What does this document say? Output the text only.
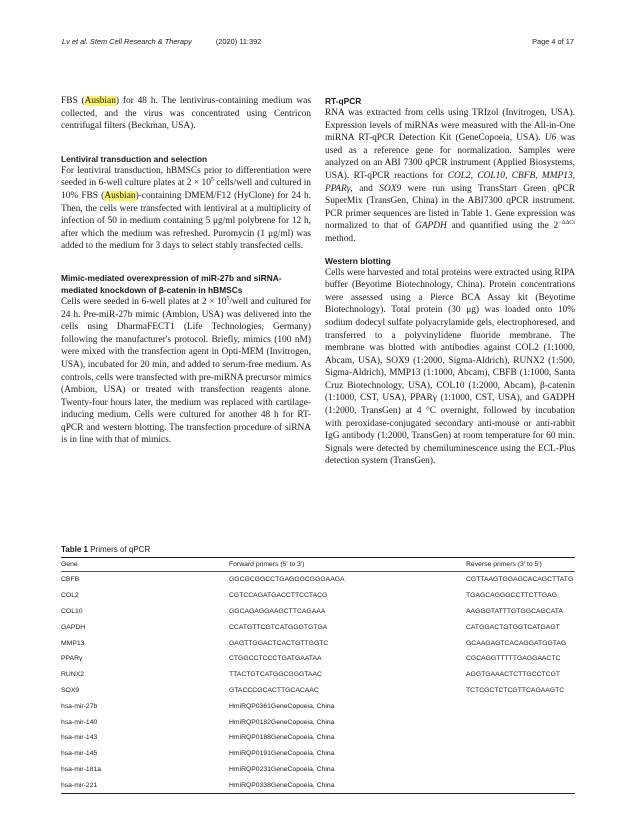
Lv et al. Stem Cell Research & Therapy	(2020) 11:392	Page 4 of 17

FBS (Ausbian) for 48 h. The lentivirus-containing medium was collected, and the virus was concentrated using Centricon centrifugal filters (Beckman, USA).

Lentiviral transduction and selection

For lentiviral transduction, hBMSCs prior to differentiation were seeded in 6-well culture plates at $2 \times 10^5$ cells/well and cultured in 10% FBS (Ausbian)-containing DMEM/F12 (HyClone) for 24 h. Then, the cells were transfected with lentiviral at a multiplicity of infection of 50 in medium containing 5 μg/ml polybrene for 12 h, after which the medium was refreshed. Puromycin (1 μg/ml) was added to the medium for 3 days to select stably transfected cells.

Mimic-mediated overexpression of miR-27b and siRNA-mediated knockdown of β-catenin in hBMSCs

Cells were seeded in 6-well plates at $2 \times 10^5$/well and cultured for 24 h. Pre-miR-27b mimic (Ambion, USA) was delivered into the cells using DharmaFECT1 (Life Technologies, Germany) following the manufacturer's protocol. Briefly, mimics (100 nM) were mixed with the transfection agent in Opti-MEM (Invitrogen, USA), incubated for 20 min, and added to serum-free medium. As controls, cells were transfected with pre-miRNA precursor mimics (Ambion, USA) or treated with transfection reagents alone. Twenty-four hours later, the medium was replaced with cartilage-inducing medium. Cells were cultured for another 48 h for RT-qPCR and western blotting. The transfection procedure of siRNA is in line with that of mimics.

RT-qPCR

RNA was extracted from cells using TRIzol (Invitrogen, USA). Expression levels of miRNAs were measured with the All-in-One miRNA RT-qPCR Detection Kit (GeneCopoeia, USA). U6 was used as a reference gene for normalization. Samples were analyzed on an ABI 7300 qPCR instrument (Applied Biosystems, USA). RT-qPCR reactions for COL2, COL10, CBFB, MMP13, PPARγ, and SOX9 were run using TransStart Green qPCR SuperMix (TransGen, China) in the ABI7300 qPCR instrument. PCR primer sequences are listed in Table 1. Gene expression was normalized to that of GAPDH and quantified using the $2^{-\Delta\Delta Ct}$ method.

Western blotting

Cells were harvested and total proteins were extracted using RIPA buffer (Beyotime Biotechnology, China). Protein concentrations were assessed using a Pierce BCA Assay kit (Beyotime Biotechnology). Total protein (30 μg) was loaded onto 10% sodium dodecyl sulfate polyacrylamide gels, electrophoresed, and transferred to a polyvinylidene fluoride membrane. The membrane was blotted with antibodies against COL2 (1:1000, Abcam, USA), SOX9 (1:2000, Sigma-Aldrich), RUNX2 (1:500, Sigma-Aldrich), MMP13 (1:1000, Abcam), CBFB (1:1000, Santa Cruz Biotechnology, USA), COL10 (1:2000, Abcam), β-catenin (1:1000, CST, USA), PPARγ (1:1000, CST, USA), and GADPH (1:2000, TransGen) at 4 °C overnight, followed by incubation with peroxidase-conjugated secondary anti-mouse or anti-rabbit IgG antibody (1:2000, TransGen) at room temperature for 60 min. Signals were detected by chemiluminescence using the ECL-Plus detection system (TransGen).

Table 1 Primers of qPCR
Gene	Forward primers (5′ to 3′)	Reverse primers (3′ to 5′)
CBFB	GGCGCGGCCTGAGGGCGGGAAGA	CGTTAAGTGGAGCACAGCTTATG
COL2	CGTCCAGATGACCTTCCTACG	TGAGCAGGGCCTTCTTGAG
COL10	GGCAGAGGAAGCTTCAGAAA	AAGGGTATTTGTGGCAGCATA
GAPDH	CCATGTTCGTCATGGGTGTGA	CATGGACTGTGGTCATGAGT
MMP13	GAGTTGGACTCACTGTTGGTC	GCAAGAGTCACAGGATGGTAG
PPARγ	CTGGCCTCCCTGATGAATAA	CGCAGGTTTTTGAGGAACTC
RUNX2	TTACTGTCATGGCGGGTAAC	AGGTGAAACTCTTGCCTCGT
SOX9	GTACCCGCACTTGCACAAC	TCTCGCTCTCGTTCAGAAGTC
hsa-mir-27b	HmiRQP0361GeneCopoeia, China	
hsa-mir-140	HmiRQP0182GeneCopoeia, China	
hsa-mir-143	HmiRQP0188GeneCopoeia, China	
hsa-mir-145	HmiRQP0191GeneCopoeia, China	
hsa-mir-181a	HmiRQP0231GeneCopoeia, China	
hsa-mir-221	HmiRQP0338GeneCopoeia, China	
